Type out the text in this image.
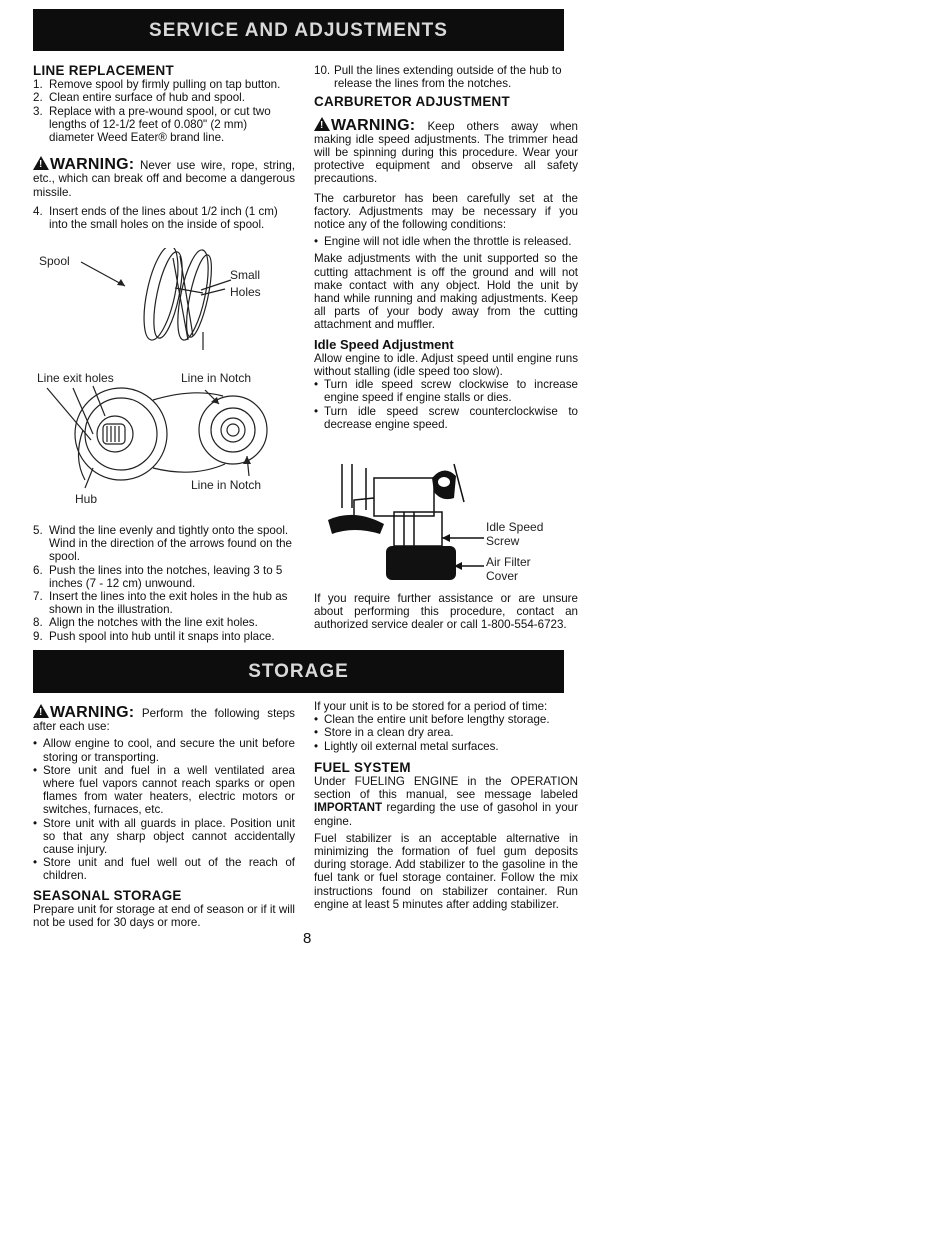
SERVICE AND ADJUSTMENTS
LINE REPLACEMENT
1. Remove spool by firmly pulling on tap button.
2. Clean entire surface of hub and spool.
3. Replace with a pre-wound spool, or cut two lengths of 12-1/2 feet of 0.080" (2 mm) diameter Weed Eater® brand line.
!WARNING: Never use wire, rope, string, etc., which can break off and become a dangerous missile.
4. Insert ends of the lines about 1/2 inch (1 cm) into the small holes on the inside of spool.
Spool
Small
Holes
Line exit holes	Line in Notch
Line in Notch
Hub
5. Wind the line evenly and tightly onto the spool. Wind in the direction of the arrows found on the spool.
6. Push the lines into the notches, leaving 3 to 5 inches (7 - 12 cm) unwound.
7. Insert the lines into the exit holes in the hub as shown in the illustration.
8. Align the notches with the line exit holes.
9. Push spool into hub until it snaps into place.
10. Pull the lines extending outside of the hub to release the lines from the notches.
CARBURETOR ADJUSTMENT
!WARNING: Keep others away when making idle speed adjustments. The trimmer head will be spinning during this procedure. Wear your protective equipment and observe all safety precautions.

The carburetor has been carefully set at the factory. Adjustments may be necessary if you notice any of the following conditions:

• Engine will not idle when the throttle is released.

Make adjustments with the unit supported so the cutting attachment is off the ground and will not make contact with any object. Hold the unit by hand while running and making adjustments. Keep all parts of your body away from the cutting attachment and muffler.

Idle Speed Adjustment

Allow engine to idle. Adjust speed until engine runs without stalling (idle speed too slow).

• Turn idle speed screw clockwise to increase engine speed if engine stalls or dies.
• Turn idle speed screw counterclockwise to decrease engine speed.
Idle Speed
Screw
Air Filter
Cover

If you require further assistance or are unsure about performing this procedure, contact an authorized service dealer or call 1-800-554-6723.

STORAGE
!WARNING: Perform the following steps after each use:
• Allow engine to cool, and secure the unit before storing or transporting.
• Store unit and fuel in a well ventilated area where fuel vapors cannot reach sparks or open flames from water heaters, electric motors or switches, furnaces, etc.
• Store unit with all guards in place. Position unit so that any sharp object cannot accidentally cause injury.
• Store unit and fuel well out of the reach of children.
SEASONAL STORAGE

Prepare unit for storage at end of season or if it will not be used for 30 days or more.

If your unit is to be stored for a period of time:

• Clean the entire unit before lengthy storage.
• Store in a clean dry area.
• Lightly oil external metal surfaces.
FUEL SYSTEM

Under FUELING ENGINE in the OPERATION section of this manual, see message labeled IMPORTANT regarding the use of gasohol in your engine.

Fuel stabilizer is an acceptable alternative in minimizing the formation of fuel gum deposits during storage. Add stabilizer to the gasoline in the fuel tank or fuel storage container. Follow the mix instructions found on stabilizer container. Run engine at least 5 minutes after adding stabilizer.

8
